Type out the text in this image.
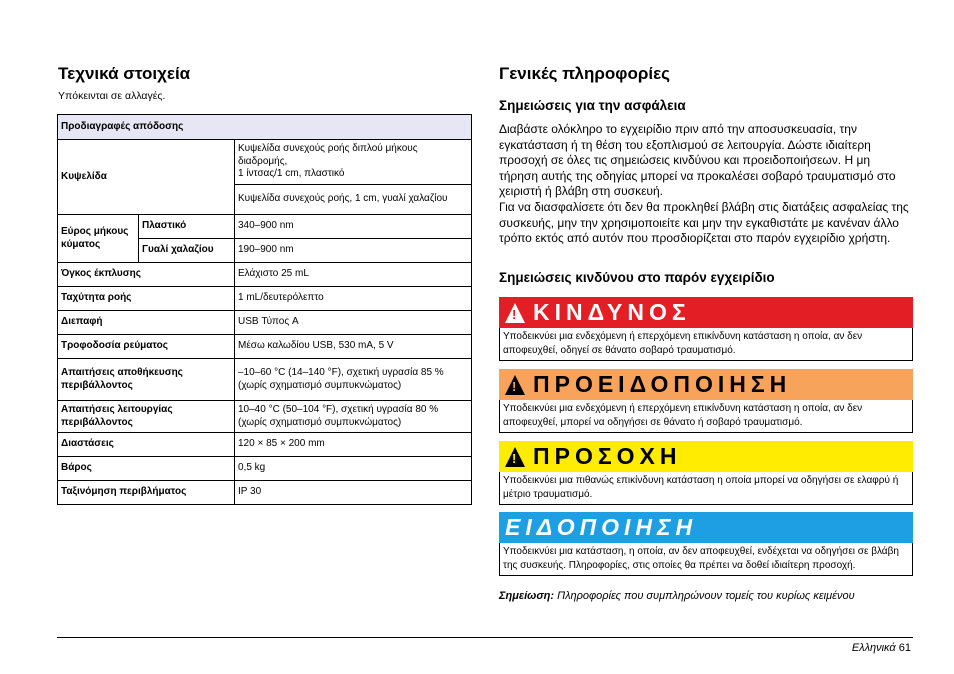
Τεχνικά στοιχεία

Υπόκεινται σε αλλαγές.

Προδιαγραφές απόδοσης		
Κυψελίδα		Κυψελίδα συνεχούς ροής διπλού μήκους διαδρομής,
1 ίντσας/1 cm, πλαστικό
		Κυψελίδα συνεχούς ροής, 1 cm, γυαλί χαλαζίου
Εύρος μήκους κύματος	Πλαστικό	340–900 nm
	Γυαλί χαλαζίου	190–900 nm
Όγκος έκπλυσης		Ελάχιστο 25 mL
Ταχύτητα ροής		1 mL/δευτερόλεπτο
Διεπαφή		USB Τύπος A
Τροφοδοσία ρεύματος		Μέσω καλωδίου USB, 530 mA, 5 V
Απαιτήσεις αποθήκευσης περιβάλλοντος		–10–60 °C (14–140 °F), σχετική υγρασία 85 %
(χωρίς σχηματισμό συμπυκνώματος)
Απαιτήσεις λειτουργίας περιβάλλοντος		10–40 °C (50–104 °F), σχετική υγρασία 80 %
(χωρίς σχηματισμό συμπυκνώματος)
Διαστάσεις		120 × 85 × 200 mm
Βάρος		0,5 kg
Ταξινόμηση περιβλήματος		IP 30
Γενικές πληροφορίες
Σημειώσεις για την ασφάλεια

Διαβάστε ολόκληρο το εγχειρίδιο πριν από την αποσυσκευασία, την εγκατάσταση ή τη θέση του εξοπλισμού σε λειτουργία. Δώστε ιδιαίτερη προσοχή σε όλες τις σημειώσεις κινδύνου και προειδοποιήσεων. Η μη τήρηση αυτής της οδηγίας μπορεί να προκαλέσει σοβαρό τραυματισμό στο χειριστή ή βλάβη στη συσκευή.

Για να διασφαλίσετε ότι δεν θα προκληθεί βλάβη στις διατάξεις ασφαλείας της συσκευής, μην την χρησιμοποιείτε και μην την εγκαθιστάτε με κανέναν άλλο τρόπο εκτός από αυτόν που προσδιορίζεται στο παρόν εγχειρίδιο χρήστη.

Σημειώσεις κινδύνου στο παρόν εγχειρίδιο
! ΚΙΝΔΥΝΟΣ
Υποδεικνύει μια ενδεχόμενη ή επερχόμενη επικίνδυνη κατάσταση η οποία, αν δεν αποφευχθεί, οδηγεί σε θάνατο σοβαρό τραυματισμό.
! ΠΡΟΕΙΔΟΠΟΙΗΣΗ
Υποδεικνύει μια ενδεχόμενη ή επερχόμενη επικίνδυνη κατάσταση η οποία, αν δεν αποφευχθεί, μπορεί να οδηγήσει σε θάνατο ή σοβαρό τραυματισμό.
! ΠΡΟΣΟΧΗ
Υποδεικνύει μια πιθανώς επικίνδυνη κατάσταση η οποία μπορεί να οδηγήσει σε ελαφρύ ή μέτριο τραυματισμό.
ΕΙΔΟΠΟΙΗΣΗ
Υποδεικνύει μια κατάσταση, η οποία, αν δεν αποφευχθεί, ενδέχεται να οδηγήσει σε βλάβη της συσκευής. Πληροφορίες, στις οποίες θα πρέπει να δοθεί ιδιαίτερη προσοχή.

Σημείωση: Πληροφορίες που συμπληρώνουν τομείς του κυρίως κειμένου

Ελληνικά 61
